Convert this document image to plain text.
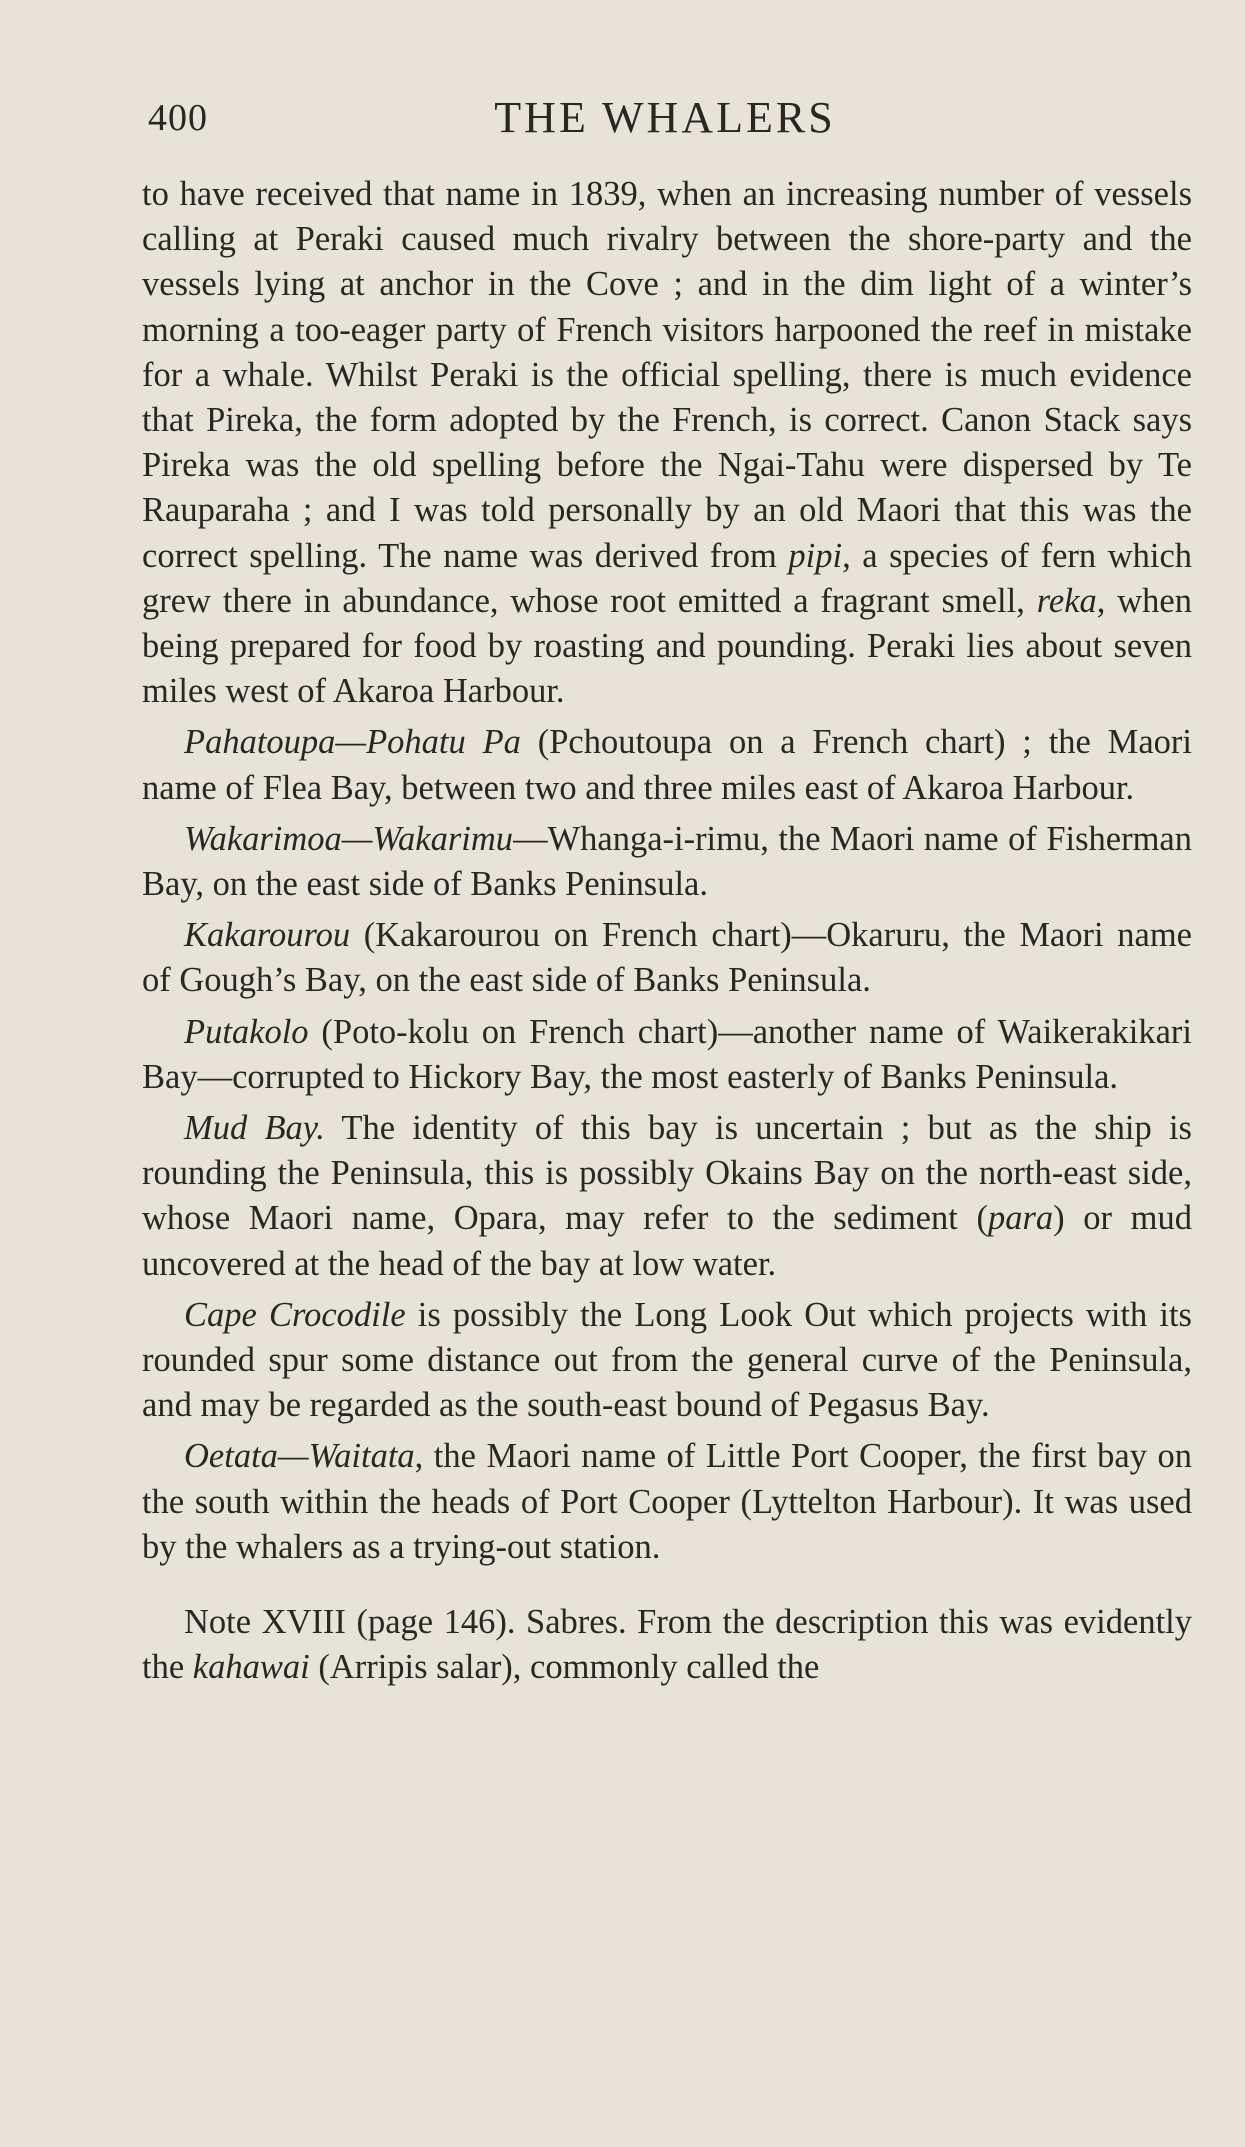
400	THE WHALERS

to have received that name in 1839, when an increasing number of vessels calling at Peraki caused much rivalry between the shore-party and the vessels lying at anchor in the Cove ; and in the dim light of a winter’s morning a too-eager party of French visitors harpooned the reef in mistake for a whale. Whilst Peraki is the official spelling, there is much evidence that Pireka, the form adopted by the French, is correct. Canon Stack says Pireka was the old spelling before the Ngai-Tahu were dispersed by Te Rauparaha ; and I was told personally by an old Maori that this was the correct spelling. The name was derived from pipi, a species of fern which grew there in abundance, whose root emitted a fragrant smell, reka, when being prepared for food by roasting and pounding. Peraki lies about seven miles west of Akaroa Harbour.

Pahatoupa—Pohatu Pa (Pchoutoupa on a French chart) ; the Maori name of Flea Bay, between two and three miles east of Akaroa Harbour.

Wakarimoa—Wakarimu—Whanga-i-rimu, the Maori name of Fisherman Bay, on the east side of Banks Peninsula.

Kakarourou (Kakarourou on French chart)—Okaruru, the Maori name of Gough’s Bay, on the east side of Banks Peninsula.

Putakolo (Poto-kolu on French chart)—another name of Waikerakikari Bay—corrupted to Hickory Bay, the most easterly of Banks Peninsula.

Mud Bay. The identity of this bay is uncertain ; but as the ship is rounding the Peninsula, this is possibly Okains Bay on the north-east side, whose Maori name, Opara, may refer to the sediment (para) or mud uncovered at the head of the bay at low water.

Cape Crocodile is possibly the Long Look Out which projects with its rounded spur some distance out from the general curve of the Peninsula, and may be regarded as the south-east bound of Pegasus Bay.

Oetata—Waitata, the Maori name of Little Port Cooper, the first bay on the south within the heads of Port Cooper (Lyttelton Harbour). It was used by the whalers as a trying-out station.

Note XVIII (page 146). Sabres. From the description this was evidently the kahawai (Arripis salar), commonly called the
